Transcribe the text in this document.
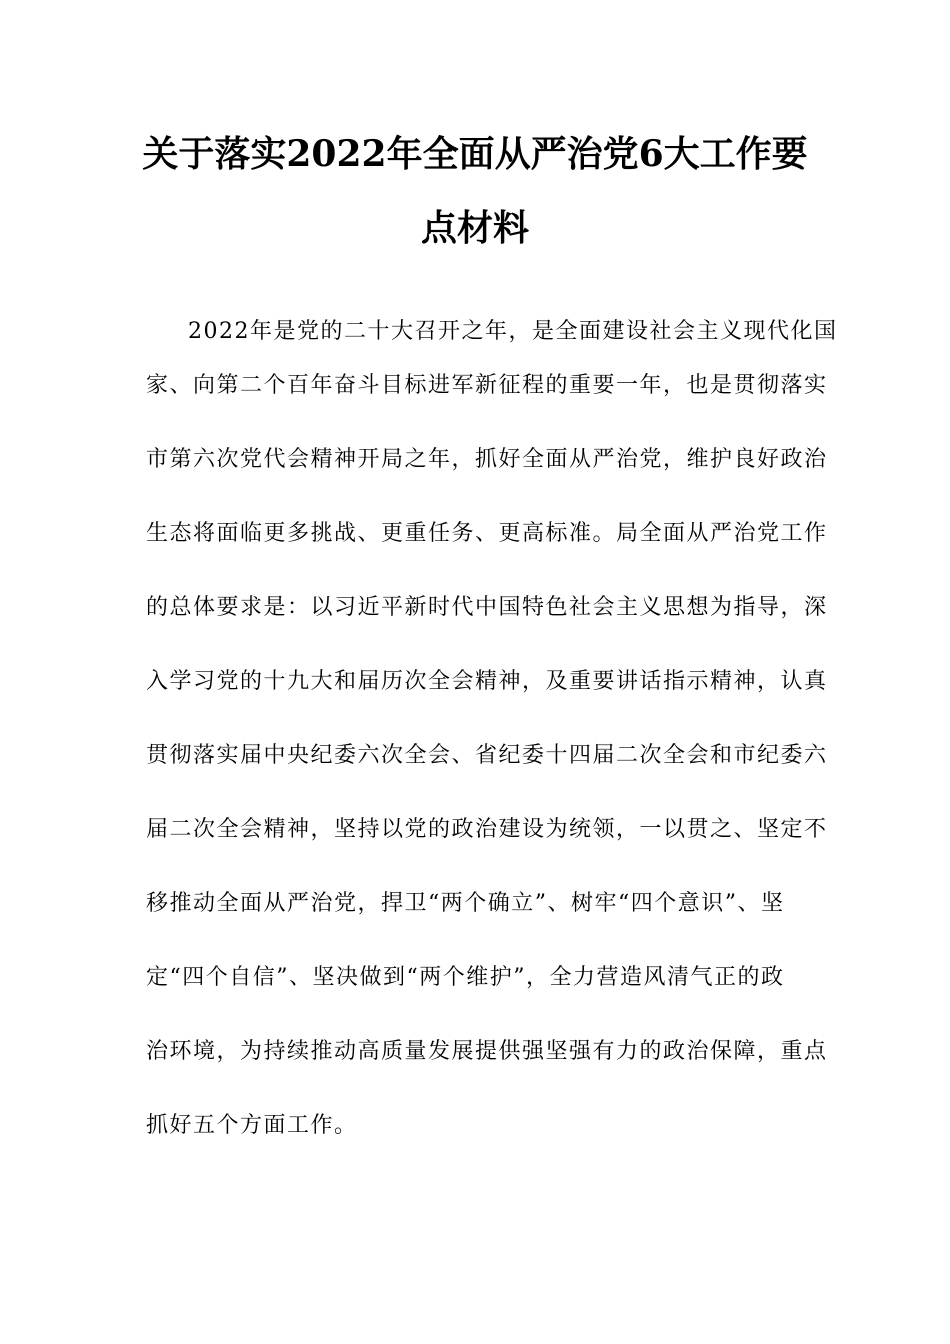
关于落实2022年全面从严治党6大工作要
点材料
2022年是党的二十大召开之年，是全面建设社会主义现代化国
家、向第二个百年奋斗目标进军新征程的重要一年，也是贯彻落实
市第六次党代会精神开局之年，抓好全面从严治党，维护良好政治
生态将面临更多挑战、更重任务、更高标准。局全面从严治党工作
的总体要求是：以习近平新时代中国特色社会主义思想为指导，深
入学习党的十九大和届历次全会精神，及重要讲话指示精神，认真
贯彻落实届中央纪委六次全会、省纪委十四届二次全会和市纪委六
届二次全会精神，坚持以党的政治建设为统领，一以贯之、坚定不
移推动全面从严治党，捍卫“两个确立”、树牢“四个意识”、坚
定“四个自信”、坚决做到“两个维护”，全力营造风清气正的政
治环境，为持续推动高质量发展提供强坚强有力的政治保障，重点
抓好五个方面工作。
